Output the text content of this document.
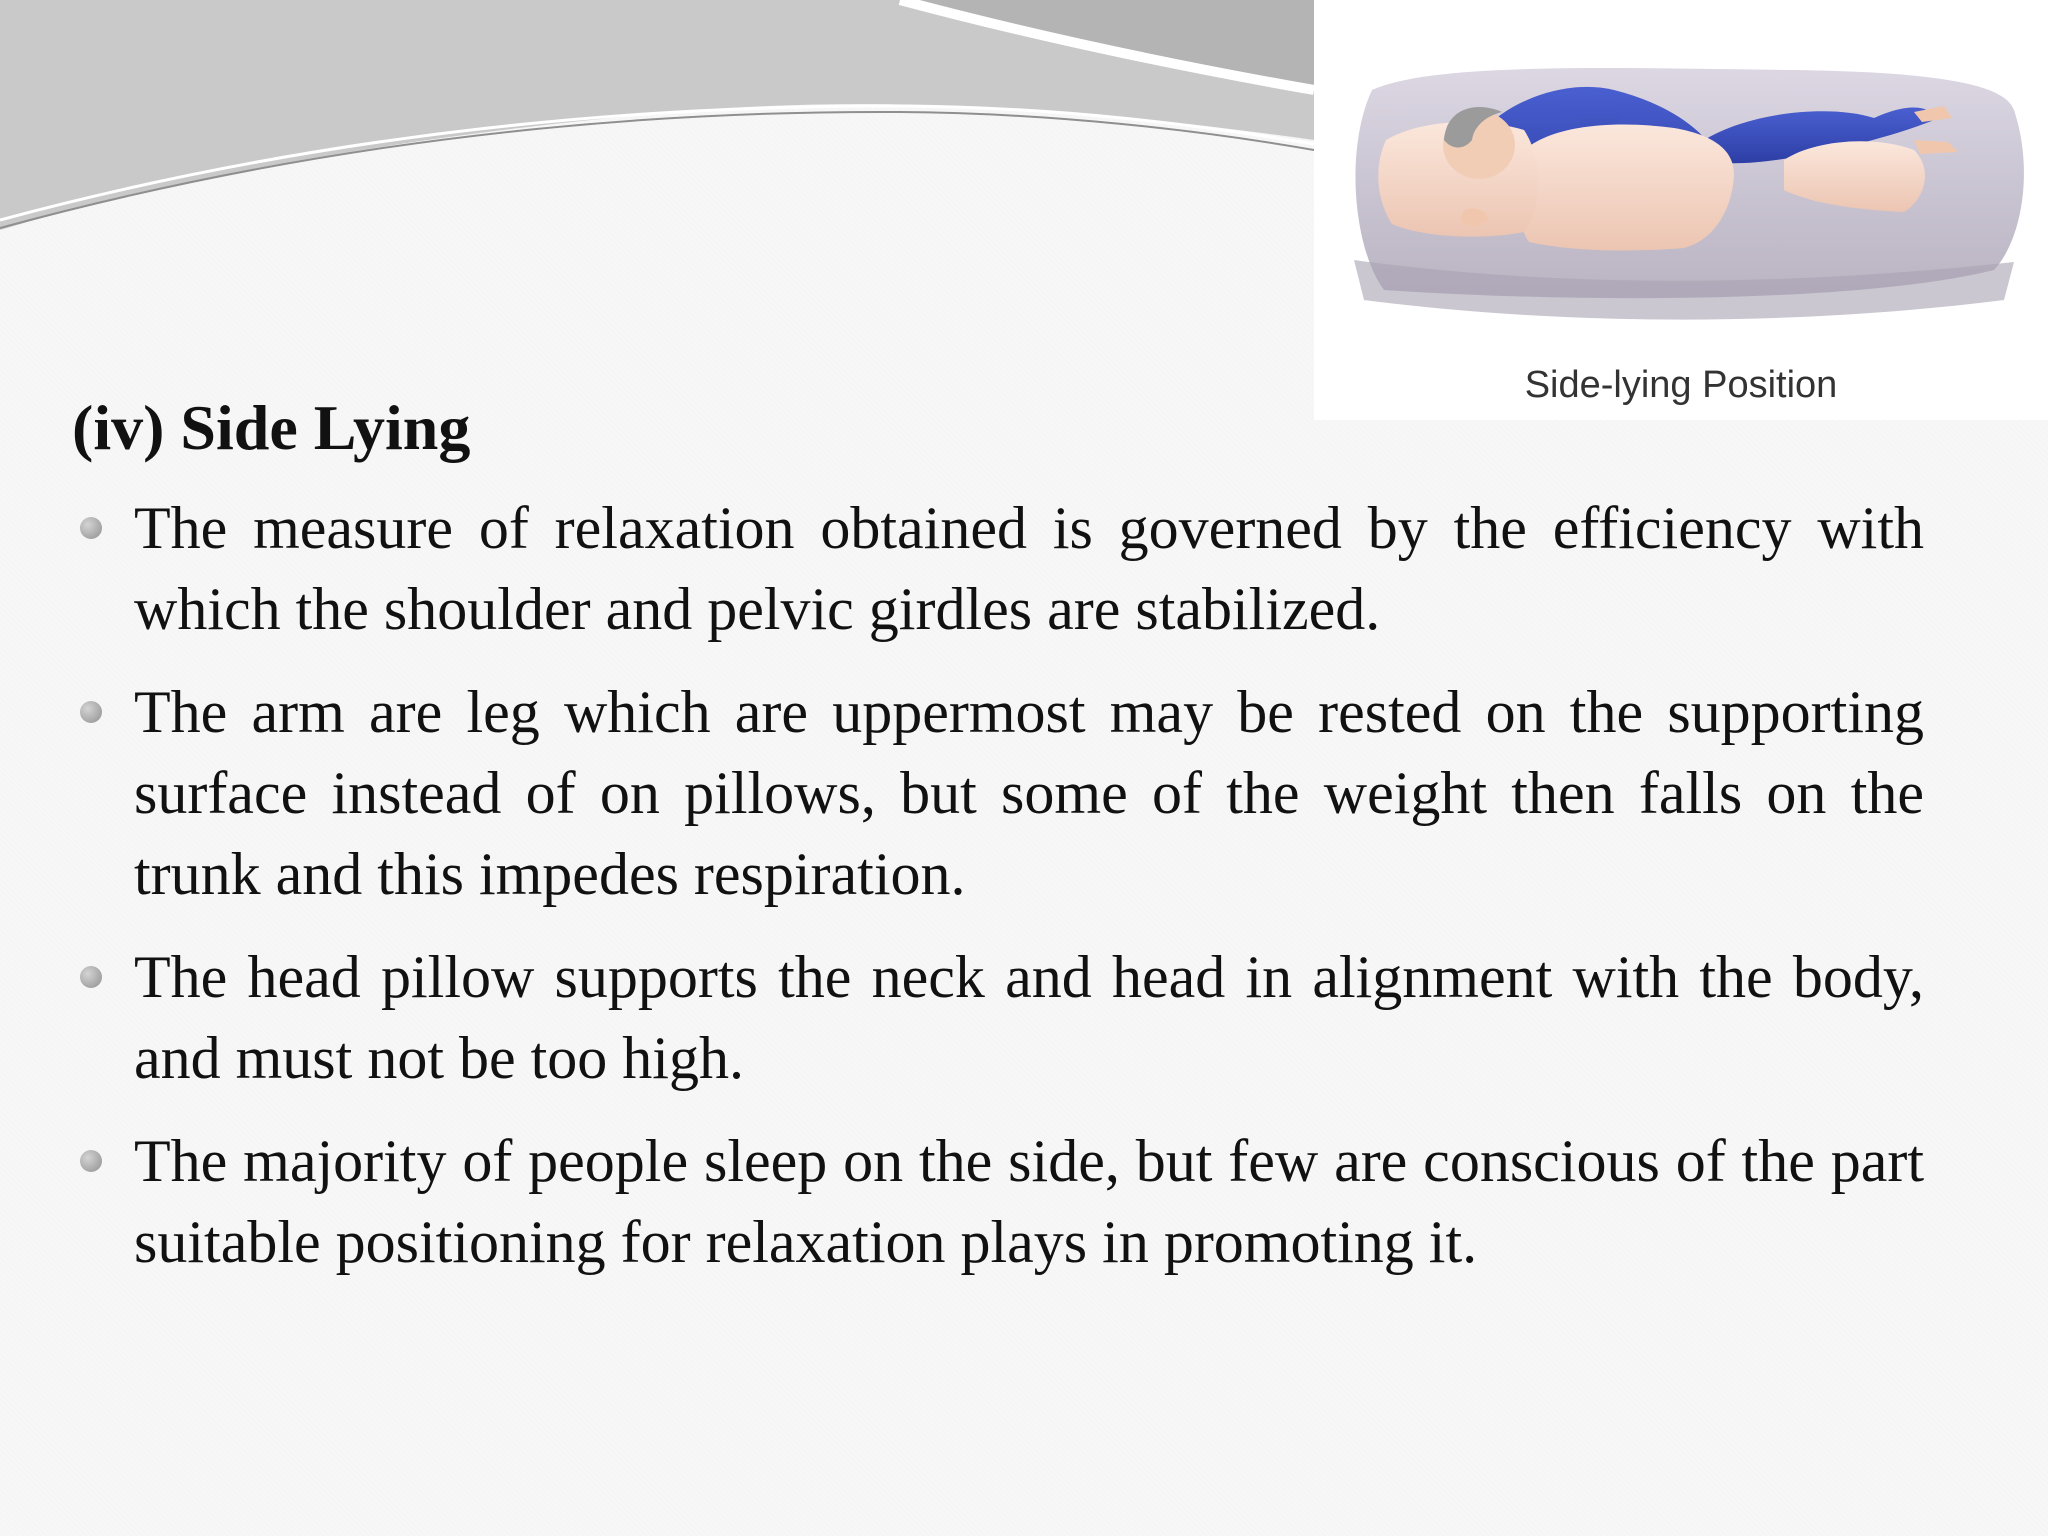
Side-lying Position
(iv) Side Lying
The measure of relaxation obtained is governed by the efficiency with which the shoulder and pelvic girdles are stabilized.
The arm are leg which are uppermost may be rested on the supporting surface instead of on pillows, but some of the weight then falls on the trunk and this impedes respiration.
The head pillow supports the neck and head in alignment with the body, and must not be too high.
The majority of people sleep on the side, but few are conscious of the part suitable positioning for relaxation plays in promoting it.
